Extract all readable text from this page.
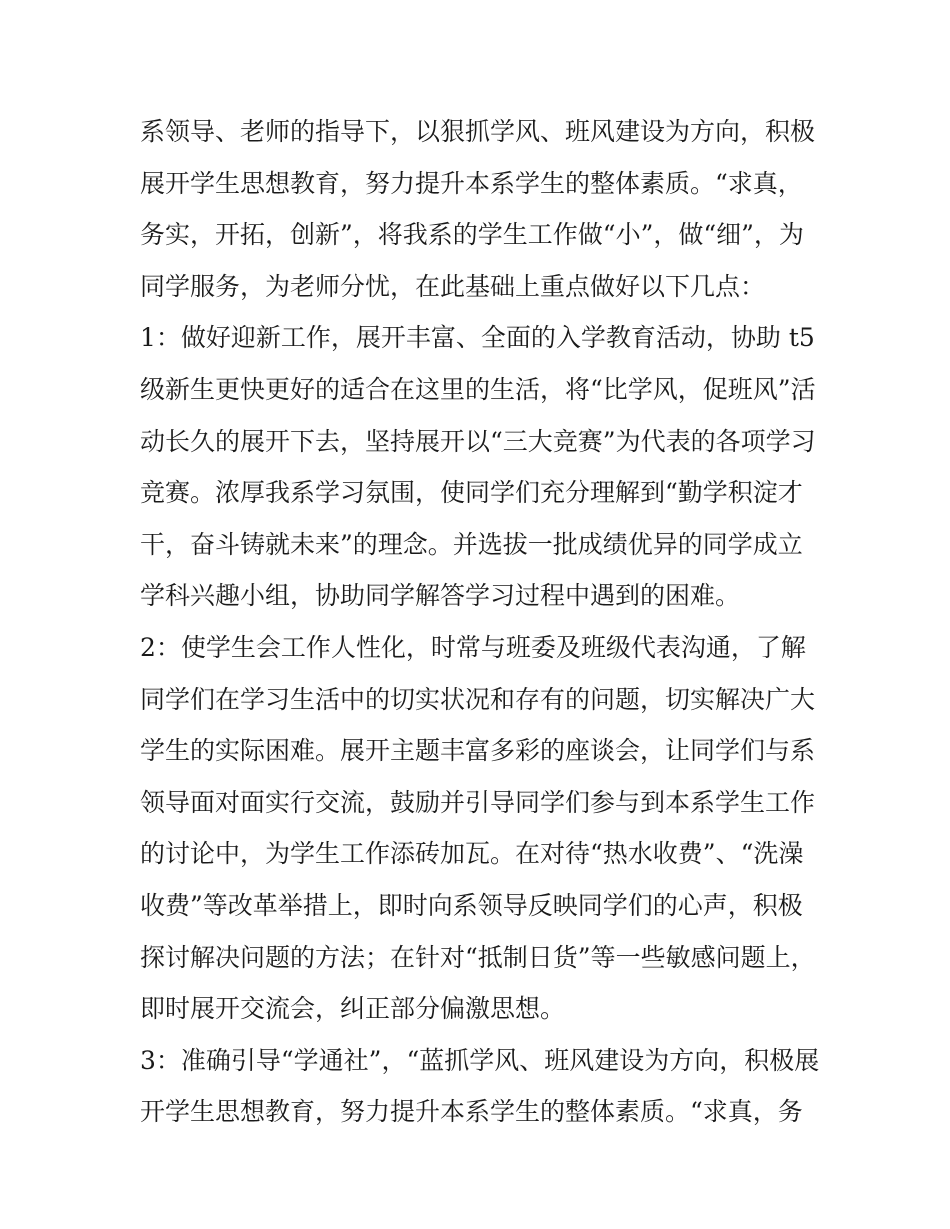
系领导、老师的指导下，以狠抓学风、班风建设为方向，积极
展开学生思想教育，努力提升本系学生的整体素质。“求真，
务实，开拓，创新”，将我系的学生工作做“小”，做“细”，为
同学服务，为老师分忧，在此基础上重点做好以下几点：
1：做好迎新工作，展开丰富、全面的入学教育活动，协助 t5
级新生更快更好的适合在这里的生活，将“比学风，促班风”活
动长久的展开下去，坚持展开以“三大竞赛”为代表的各项学习
竞赛。浓厚我系学习氛围，使同学们充分理解到“勤学积淀才
干，奋斗铸就未来”的理念。并选拔一批成绩优异的同学成立
学科兴趣小组，协助同学解答学习过程中遇到的困难。
2：使学生会工作人性化，时常与班委及班级代表沟通，了解
同学们在学习生活中的切实状况和存有的问题，切实解决广大
学生的实际困难。展开主题丰富多彩的座谈会，让同学们与系
领导面对面实行交流，鼓励并引导同学们参与到本系学生工作
的讨论中，为学生工作添砖加瓦。在对待“热水收费”、“洗澡
收费”等改革举措上，即时向系领导反映同学们的心声，积极
探讨解决问题的方法；在针对“抵制日货”等一些敏感问题上，
即时展开交流会，纠正部分偏激思想。
3：准确引导“学通社”，“蓝抓学风、班风建设为方向，积极展
开学生思想教育，努力提升本系学生的整体素质。“求真，务
